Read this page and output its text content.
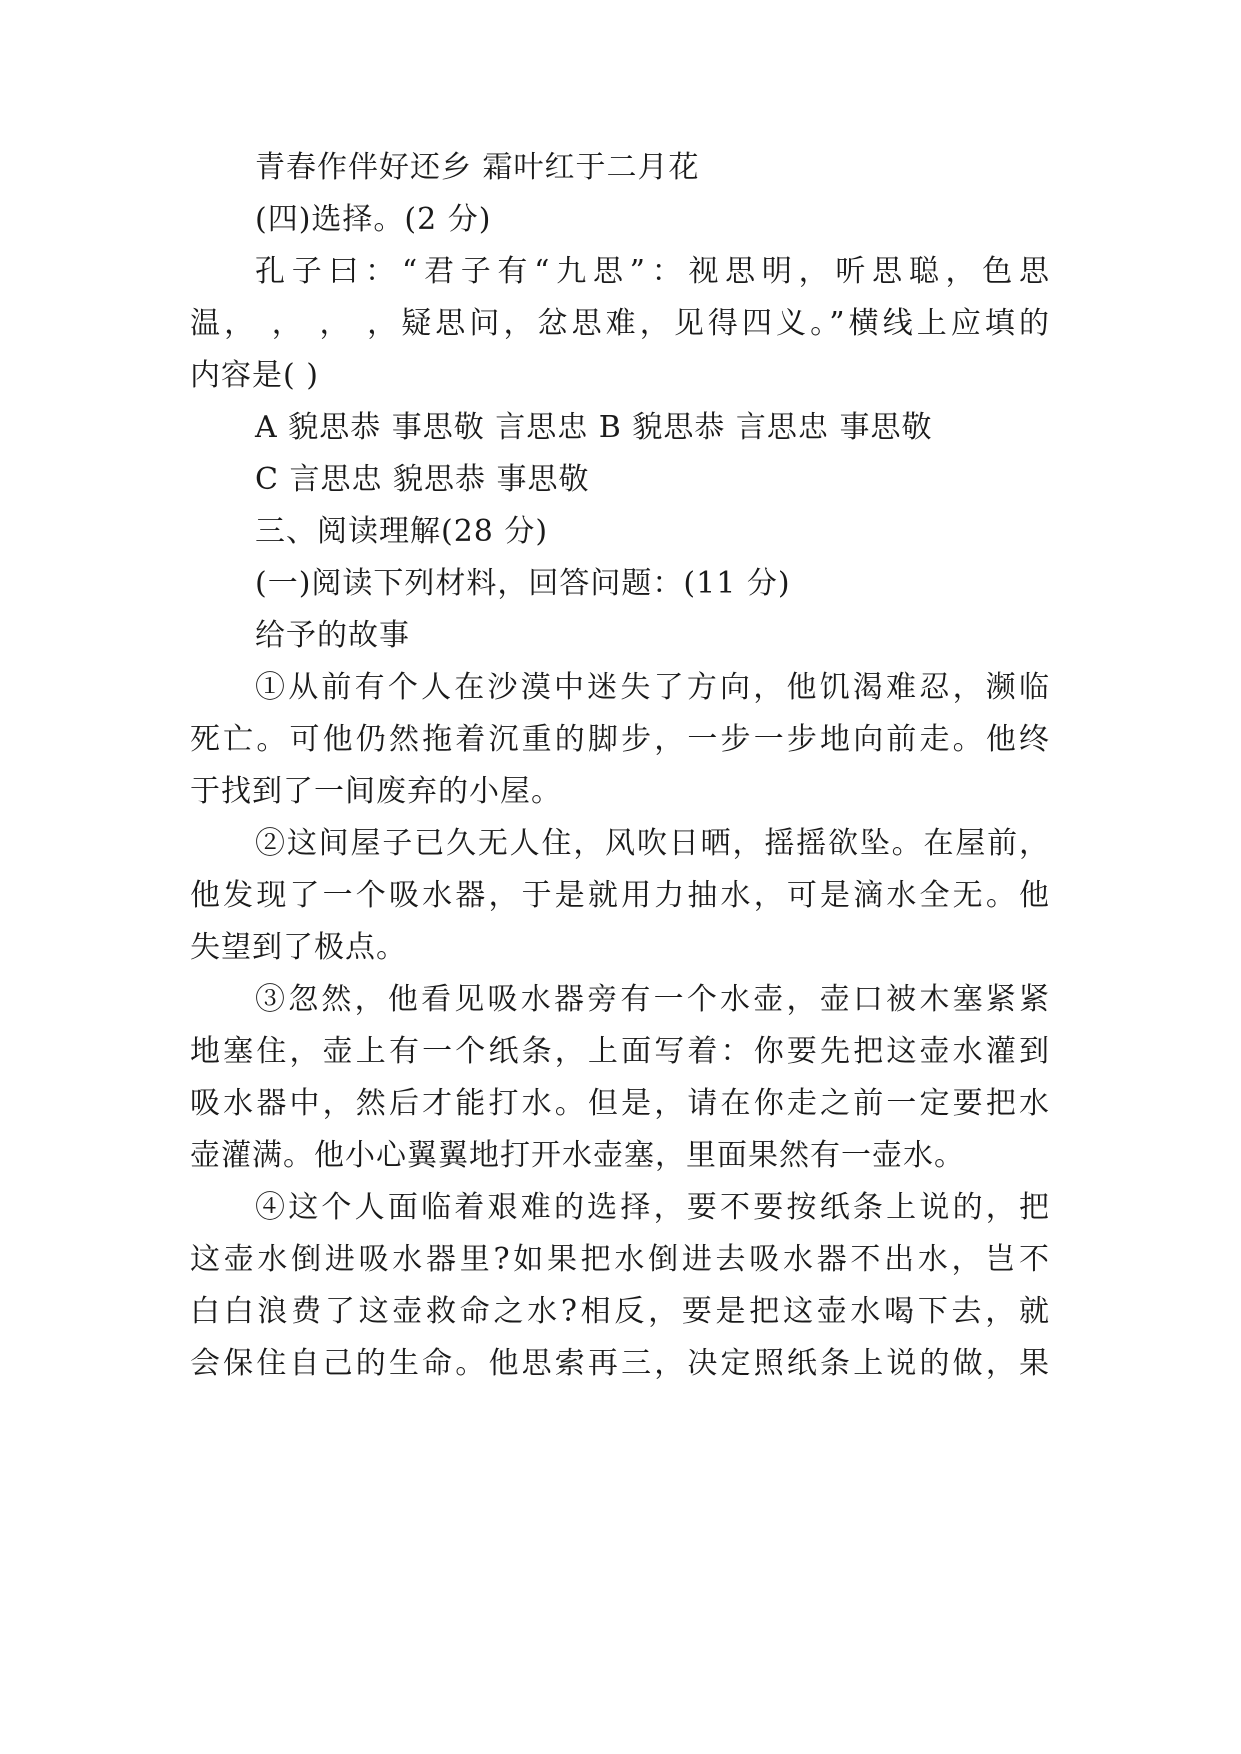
青春作伴好还乡 霜叶红于二月花
(四)选择。(2 分)
孔子曰：“君子有“九思”：视思明，听思聪，色思
温， ， ， ，疑思问，忿思难，见得四义。”横线上应填的
内容是( )
A 貌思恭 事思敬 言思忠 B 貌思恭 言思忠 事思敬
C 言思忠 貌思恭 事思敬
三、阅读理解(28 分)
(一)阅读下列材料，回答问题：(11 分)
给予的故事
①从前有个人在沙漠中迷失了方向，他饥渴难忍，濒临
死亡。可他仍然拖着沉重的脚步，一步一步地向前走。他终
于找到了一间废弃的小屋。
②这间屋子已久无人住，风吹日晒，摇摇欲坠。在屋前，
他发现了一个吸水器，于是就用力抽水，可是滴水全无。他
失望到了极点。
③忽然，他看见吸水器旁有一个水壶，壶口被木塞紧紧
地塞住，壶上有一个纸条，上面写着：你要先把这壶水灌到
吸水器中，然后才能打水。但是，请在你走之前一定要把水
壶灌满。他小心翼翼地打开水壶塞，里面果然有一壶水。
④这个人面临着艰难的选择，要不要按纸条上说的，把
这壶水倒进吸水器里?如果把水倒进去吸水器不出水，岂不
白白浪费了这壶救命之水?相反，要是把这壶水喝下去，就
会保住自己的生命。他思索再三，决定照纸条上说的做，果
